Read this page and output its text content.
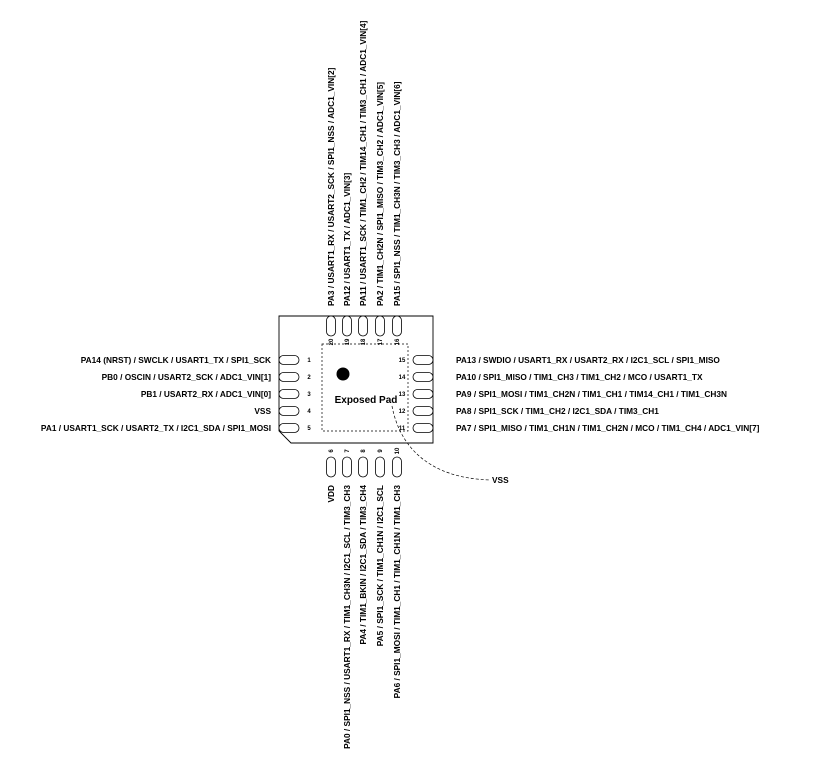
Exposed Pad
VSS
1
PA14 (NRST) / SWCLK / USART1_TX / SPI1_SCK
2
PB0 / OSCIN / USART2_SCK / ADC1_VIN[1]
3
PB1 / USART2_RX / ADC1_VIN[0]
4
VSS
5
PA1 / USART1_SCK / USART2_TX / I2C1_SDA / SPI1_MOSI
6
VDD
7
PA0 / SPI1_NSS / USART1_RX / TIM1_CH3N / I2C1_SCL / TIM3_CH3
8
PA4 / TIM1_BKIN / I2C1_SDA / TIM3_CH4
9
PA5 / SPI1_SCK / TIM1_CH1N / I2C1_SCL
10
PA6 / SPI1_MOSI / TIM1_CH1 / TIM1_CH1N / TIM1_CH3
11	PA7 / SPI1_MISO / TIM1_CH1N / TIM1_CH2N / MCO / TIM1_CH4 / ADC1_VIN[7]
12	PA8 / SPI1_SCK / TIM1_CH2 / I2C1_SDA / TIM3_CH1
13	PA9 / SPI1_MOSI / TIM1_CH2N / TIM1_CH1 / TIM14_CH1 / TIM1_CH3N
14	PA10 / SPI1_MISO / TIM1_CH3 / TIM1_CH2 / MCO / USART1_TX
15	PA13 / SWDIO / USART1_RX / USART2_RX / I2C1_SCL / SPI1_MISO
16
PA15 / SPI1_NSS / TIM1_CH3N / TIM3_CH3 / ADC1_VIN[6]
17
PA2 / TIM1_CH2N / SPI1_MISO / TIM3_CH2 / ADC1_VIN[5]
18
PA11 / USART1_SCK / TIM1_CH2 / TIM14_CH1 / TIM3_CH1 / ADC1_VIN[4]
19
PA12 / USART1_TX / ADC1_VIN[3]
20
PA3 / USART1_RX / USART2_SCK / SPI1_NSS / ADC1_VIN[2]
